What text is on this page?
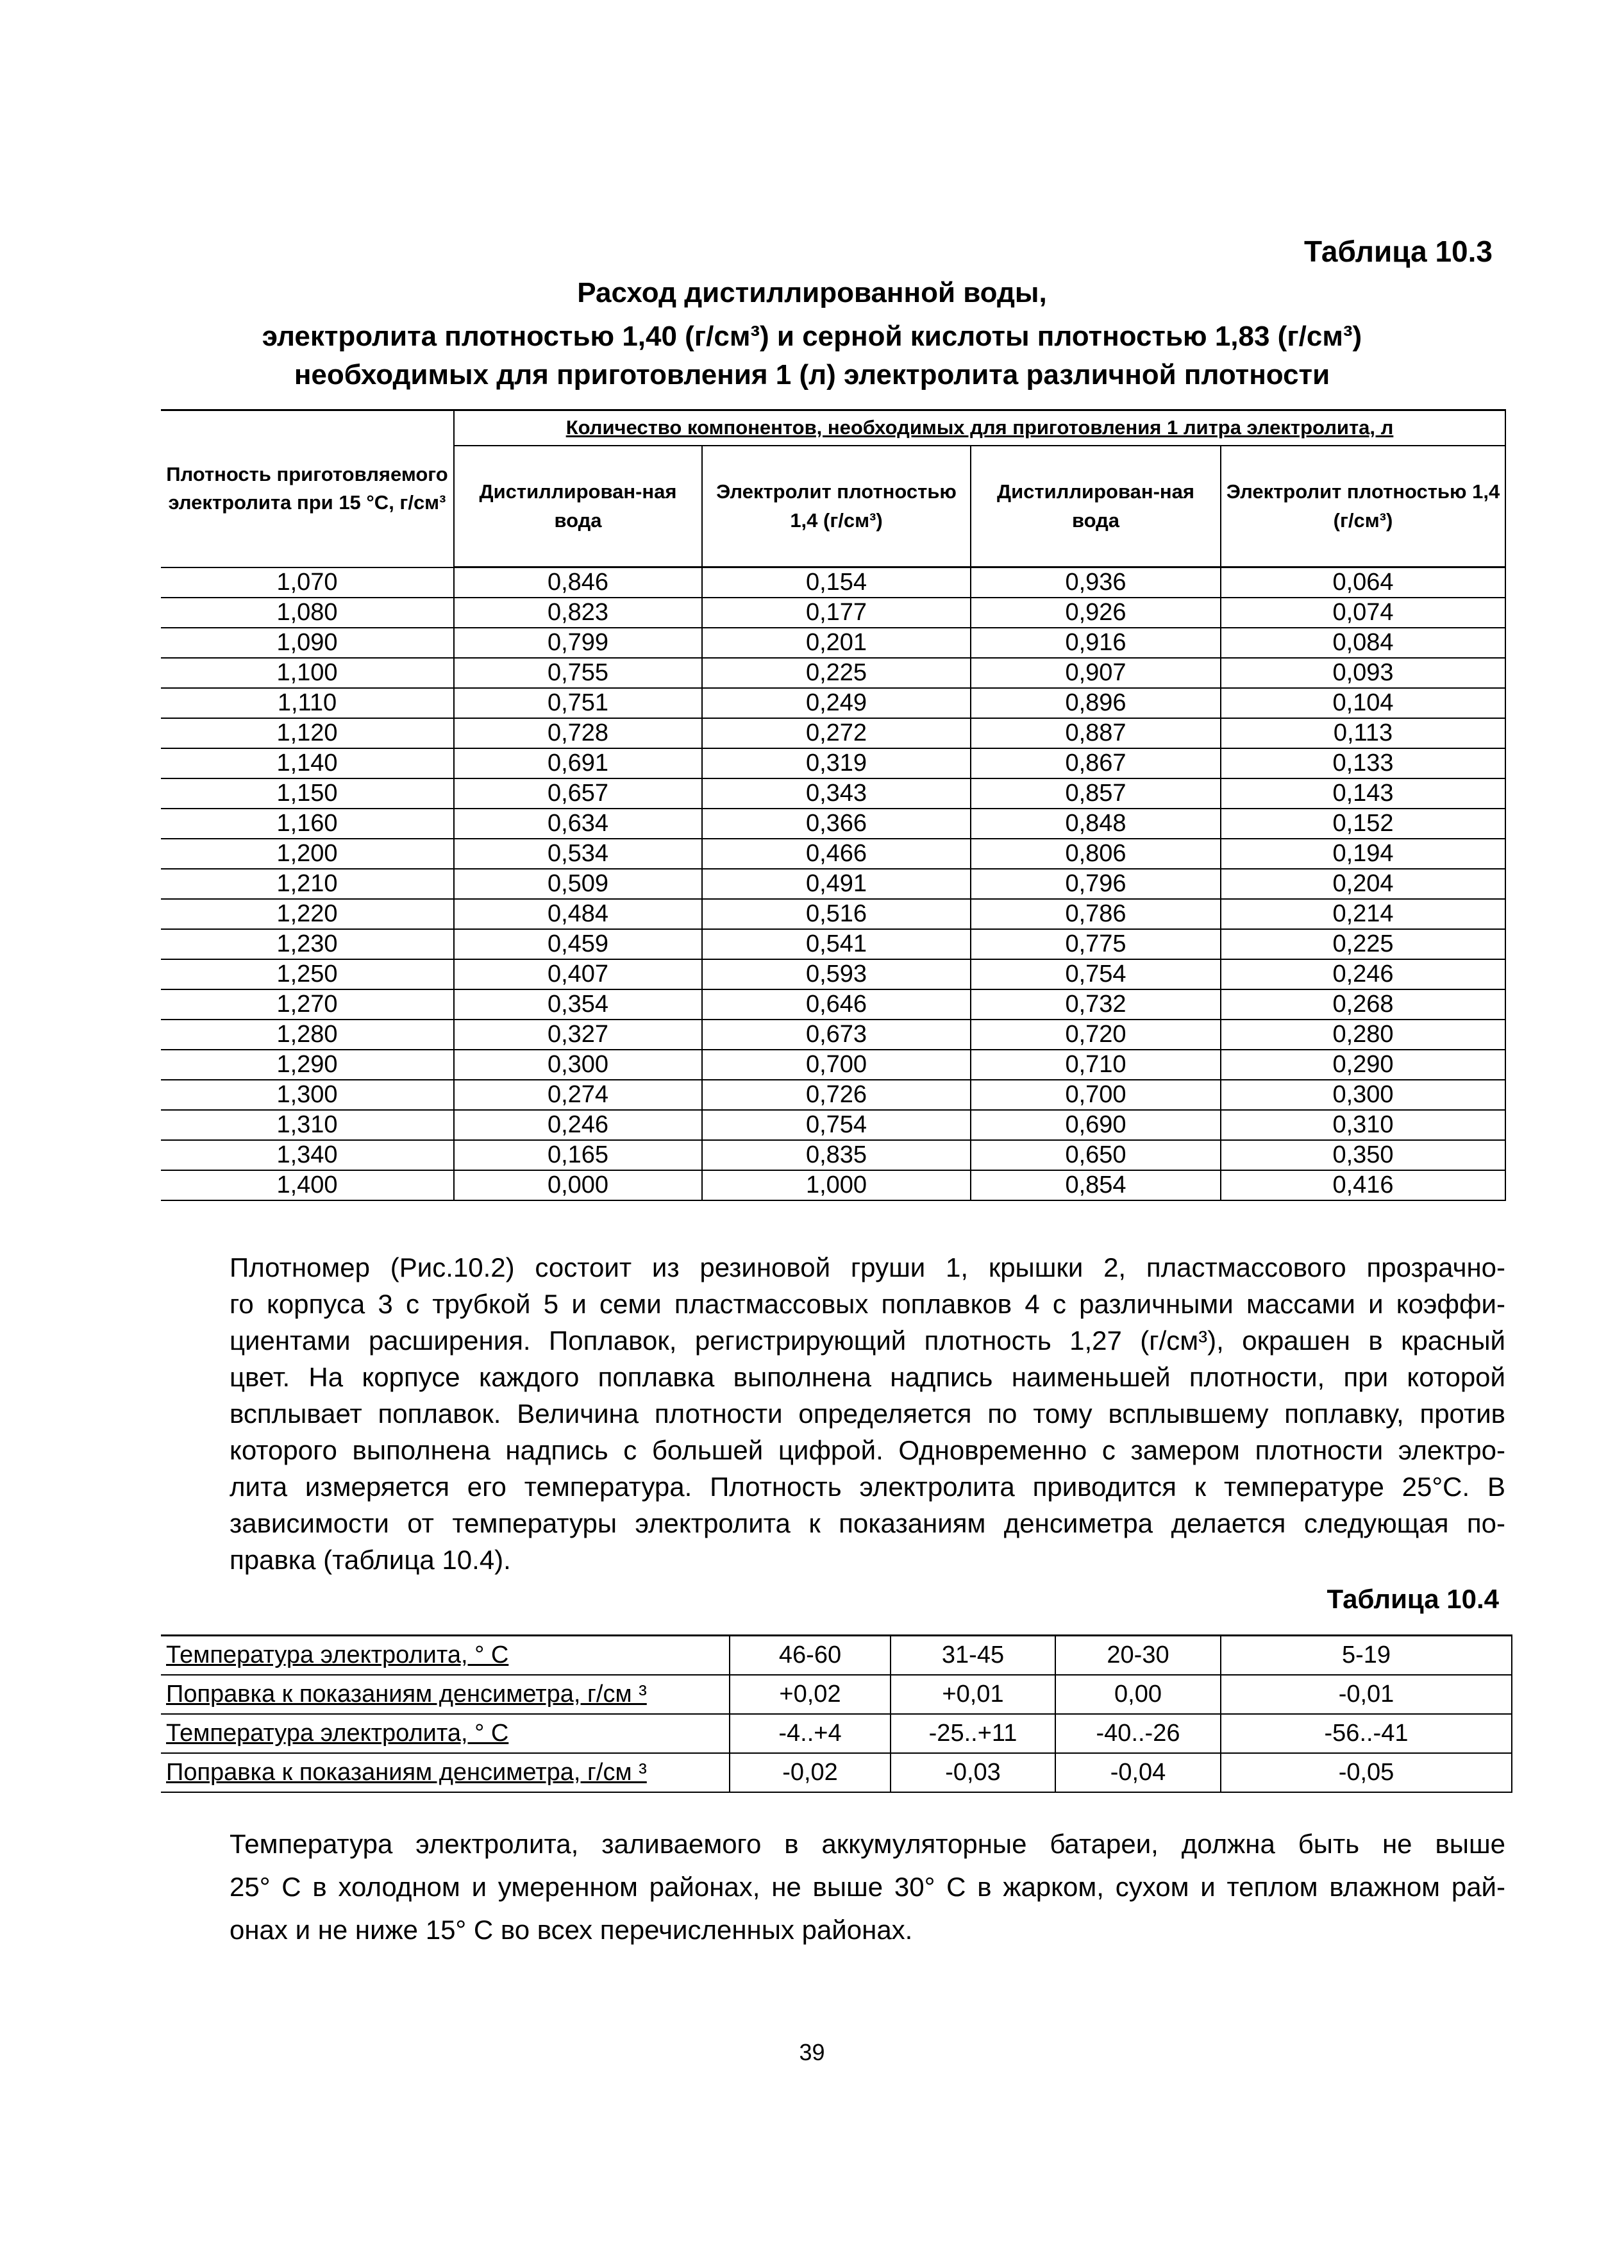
Таблица 10.3
Расход дистиллированной воды,
электролита плотностью 1,40 (г/см³) и серной кислоты плотностью 1,83 (г/см³)
необходимых для приготовления 1 (л) электролита различной плотности
Плотность приготовляемого электролита при 15 °С, г/см³	Количество компонентов, необходимых для приготовления 1 литра электролита, л			
	Дистиллирован-ная вода	Электролит плотностью 1,4 (г/см³)	Дистиллирован-ная вода	Электролит плотностью 1,4 (г/см³)
1,070	0,846	0,154	0,936	0,064
1,080	0,823	0,177	0,926	0,074
1,090	0,799	0,201	0,916	0,084
1,100	0,755	0,225	0,907	0,093
1,110	0,751	0,249	0,896	0,104
1,120	0,728	0,272	0,887	0,113
1,140	0,691	0,319	0,867	0,133
1,150	0,657	0,343	0,857	0,143
1,160	0,634	0,366	0,848	0,152
1,200	0,534	0,466	0,806	0,194
1,210	0,509	0,491	0,796	0,204
1,220	0,484	0,516	0,786	0,214
1,230	0,459	0,541	0,775	0,225
1,250	0,407	0,593	0,754	0,246
1,270	0,354	0,646	0,732	0,268
1,280	0,327	0,673	0,720	0,280
1,290	0,300	0,700	0,710	0,290
1,300	0,274	0,726	0,700	0,300
1,310	0,246	0,754	0,690	0,310
1,340	0,165	0,835	0,650	0,350
1,400	0,000	1,000	0,854	0,416
Плотномер (Рис.10.2) состоит из резиновой груши 1, крышки 2, пластмассового прозрачно-
го корпуса 3 с трубкой 5 и семи пластмассовых поплавков 4 с различными массами и коэффи-
циентами расширения. Поплавок, регистрирующий плотность 1,27 (г/см³), окрашен в красный
цвет. На корпусе каждого поплавка выполнена надпись наименьшей плотности, при которой
всплывает поплавок. Величина плотности определяется по тому всплывшему поплавку, против
которого выполнена надпись с большей цифрой. Одновременно с замером плотности электро-
лита измеряется его температура. Плотность электролита приводится к температуре 25°С. В
зависимости от температуры электролита к показаниям денсиметра делается следующая по-
правка (таблица 10.4).
Таблица 10.4
Температура электролита, ° С	46-60	31-45	20-30	5-19
Поправка к показаниям денсиметра, г/см ³	+0,02	+0,01	0,00	-0,01
Температура электролита, ° С	-4..+4	-25..+11	-40..-26	-56..-41
Поправка к показаниям денсиметра, г/см ³	-0,02	-0,03	-0,04	-0,05
Температура электролита, заливаемого в аккумуляторные батареи, должна быть не выше
25° С в холодном и умеренном районах, не выше 30° С в жарком, сухом и теплом влажном рай-
онах и не ниже 15° С во всех перечисленных районах.
39
